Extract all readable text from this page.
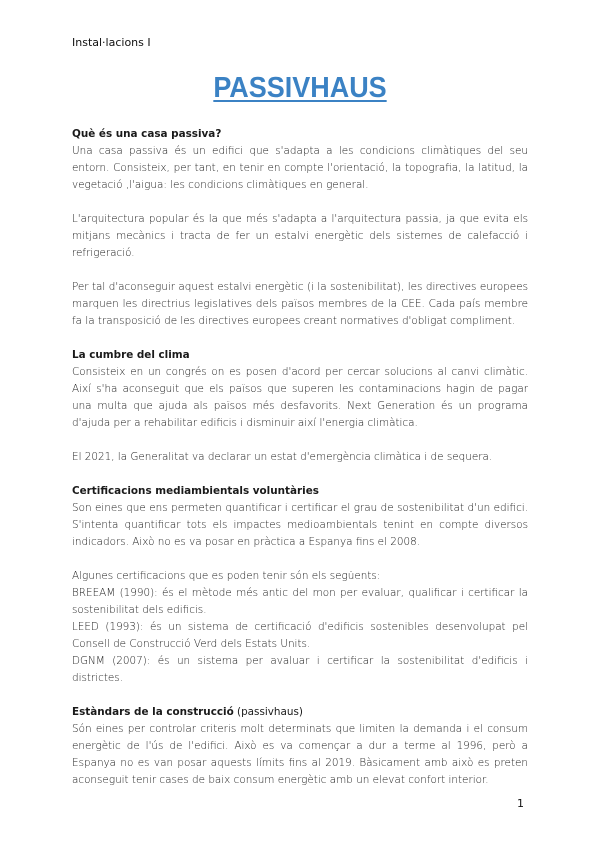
Instal·lacions I
PASSIVHAUS
Què és una casa passiva?

Una casa passiva és un edifici que s'adapta a les condicions climàtiques del seu entorn. Consisteix, per tant, en tenir en compte l'orientació, la topografia, la latitud, la vegetació ,l'aigua: les condicions climàtiques en general.

L'arquitectura popular és la que més s'adapta a l'arquitectura passia, ja que evita els mitjans mecànics i tracta de fer un estalvi energètic dels sistemes de calefacció i refrigeració.

Per tal d'aconseguir aquest estalvi energètic (i la sostenibilitat), les directives europees marquen les directrius legislatives dels països membres de la CEE. Cada país membre fa la transposició de les directives europees creant normatives d'obligat compliment.

La cumbre del clima

Consisteix en un congrés on es posen d'acord per cercar solucions al canvi climàtic. Així s'ha aconseguit que els països que superen les contaminacions hagin de pagar una multa que ajuda als països més desfavorits. Next Generation és un programa d'ajuda per a rehabilitar edificis i disminuir així l'energia climàtica.

El 2021, la Generalitat va declarar un estat d'emergència climàtica i de sequera.

Certificacions mediambientals voluntàries

Son eines que ens permeten quantificar i certificar el grau de sostenibilitat d'un edifici. S'intenta quantificar tots els impactes medioambientals tenint en compte diversos indicadors. Això no es va posar en pràctica a Espanya fins el 2008.

Algunes certificacions que es poden tenir són els següents:

BREEAM (1990): és el mètode més antic del mon per evaluar, qualificar i certificar la sostenibilitat dels edificis.

LEED (1993): és un sistema de certificació d'edificis sostenibles desenvolupat pel Consell de Construcció Verd dels Estats Units.

DGNM (2007): és un sistema per avaluar i certificar la sostenibilitat d'edificis i districtes.

Estàndars de la construcció (passivhaus)

Són eines per controlar criteris molt determinats que limiten la demanda i el consum energètic de l'ús de l'edifici. Això es va començar a dur a terme al 1996, però a Espanya no es van posar aquests límits fins al 2019. Bàsicament amb això es preten aconseguit tenir cases de baix consum energètic amb un elevat confort interior.

1
